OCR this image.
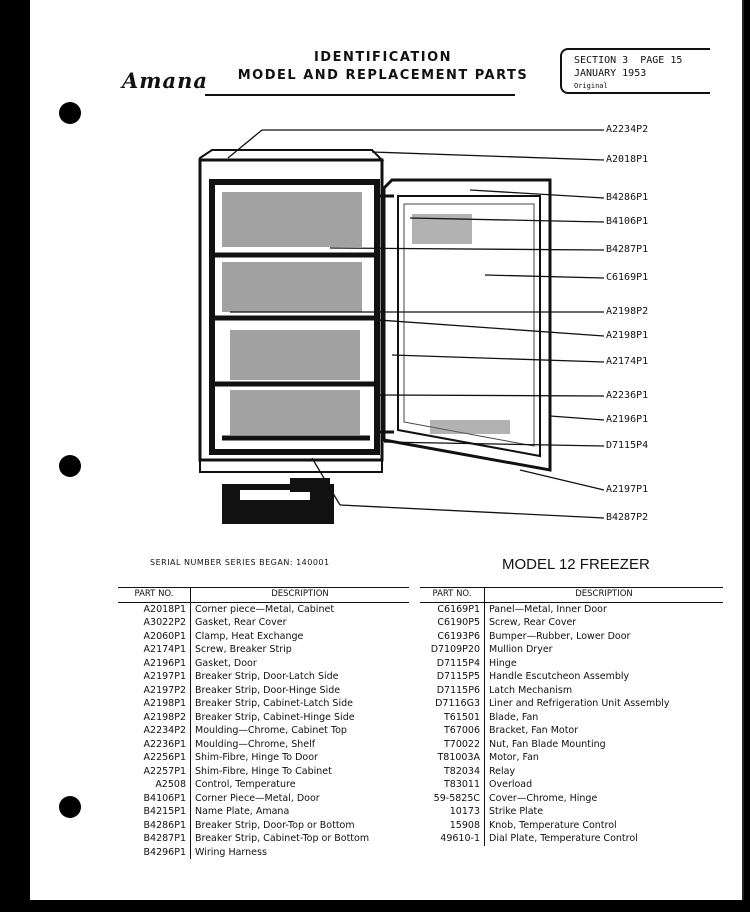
Amana
IDENTIFICATION
MODEL AND REPLACEMENT PARTS
SECTION 3 PAGE 15
JANUARY 1953
Original
A2234P2
A2018P1
B4286P1
B4106P1
B4287P1
C6169P1
A2198P2
A2198P1
A2174P1
A2236P1
A2196P1
D7115P4
A2197P1
B4287P2
SERIAL NUMBER SERIES BEGAN: 140001	MODEL 12 FREEZER
PART NO.	DESCRIPTION
A2018P1	Corner piece—Metal, Cabinet
A3022P2	Gasket, Rear Cover
A2060P1	Clamp, Heat Exchange
A2174P1	Screw, Breaker Strip
A2196P1	Gasket, Door
A2197P1	Breaker Strip, Door-Latch Side
A2197P2	Breaker Strip, Door-Hinge Side
A2198P1	Breaker Strip, Cabinet-Latch Side
A2198P2	Breaker Strip, Cabinet-Hinge Side
A2234P2	Moulding—Chrome, Cabinet Top
A2236P1	Moulding—Chrome, Shelf
A2256P1	Shim-Fibre, Hinge To Door
A2257P1	Shim-Fibre, Hinge To Cabinet
A2508	Control, Temperature
B4106P1	Corner Piece—Metal, Door
B4215P1	Name Plate, Amana
B4286P1	Breaker Strip, Door-Top or Bottom
B4287P1	Breaker Strip, Cabinet-Top or Bottom
B4296P1	Wiring Harness
PART NO.	DESCRIPTION
C6169P1	Panel—Metal, Inner Door
C6190P5	Screw, Rear Cover
C6193P6	Bumper—Rubber, Lower Door
D7109P20	Mullion Dryer
D7115P4	Hinge
D7115P5	Handle Escutcheon Assembly
D7115P6	Latch Mechanism
D7116G3	Liner and Refrigeration Unit Assembly
T61501	Blade, Fan
T67006	Bracket, Fan Motor
T70022	Nut, Fan Blade Mounting
T81003A	Motor, Fan
T82034	Relay
T83011	Overload
59-5825C	Cover—Chrome, Hinge
10173	Strike Plate
15908	Knob, Temperature Control
49610-1	Dial Plate, Temperature Control
